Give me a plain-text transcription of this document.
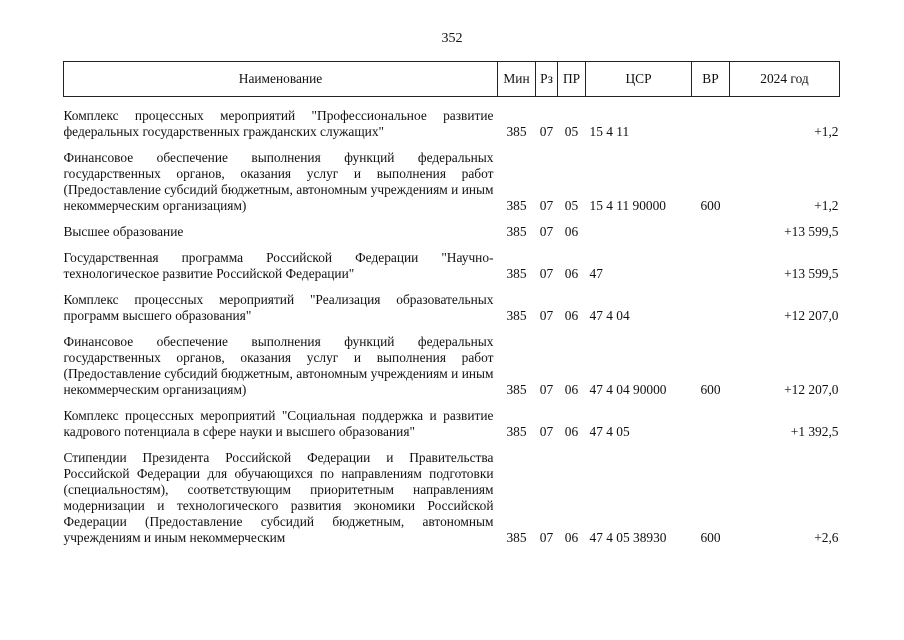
352
Наименование	Мин	Рз	ПР	ЦСР	ВР	2024 год

Комплекс процессных мероприятий "Профессиональное развитие федеральных государственных гражданских служащих"	385	07	05	15 4 11		+1,2

Финансовое обеспечение выполнения функций федеральных государственных органов, оказания услуг и выполнения работ (Предоставление субсидий бюджетным, автономным учреждениям и иным некоммерческим организациям)	385	07	05	15 4 11 90000	600	+1,2

Высшее образование	385	07	06			+13 599,5

Государственная программа Российской Федерации "Научно-технологическое развитие Российской Федерации"	385	07	06	47		+13 599,5

Комплекс процессных мероприятий "Реализация образовательных программ высшего образования"	385	07	06	47 4 04		+12 207,0

Финансовое обеспечение выполнения функций федеральных государственных органов, оказания услуг и выполнения работ (Предоставление субсидий бюджетным, автономным учреждениям и иным некоммерческим организациям)	385	07	06	47 4 04 90000	600	+12 207,0

Комплекс процессных мероприятий "Социальная поддержка и развитие кадрового потенциала в сфере науки и высшего образования"	385	07	06	47 4 05		+1 392,5

Стипендии Президента Российской Федерации и Правительства Российской Федерации для обучающихся по направлениям подготовки (специальностям), соответствующим приоритетным направлениям модернизации и технологического развития экономики Российской Федерации (Предоставление субсидий бюджетным, автономным учреждениям и иным некоммерческим	385	07	06	47 4 05 38930	600	+2,6
